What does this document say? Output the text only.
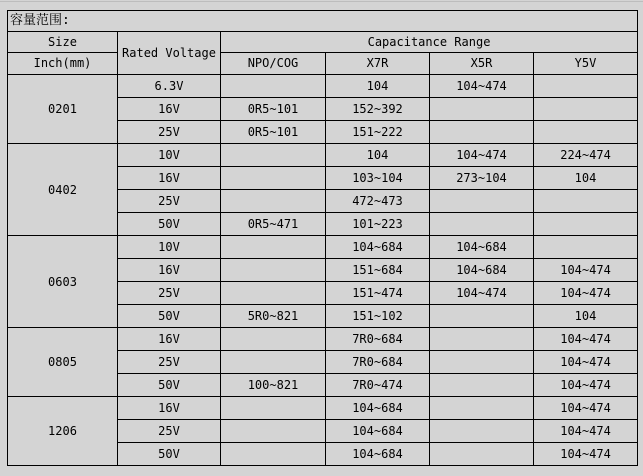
容量范围:					
Size	Rated Voltage	Capacitance Range			
Inch(mm)		NPO/COG	X7R	X5R	Y5V
0201	6.3V		104	104~474	
	16V	0R5~101	152~392		
	25V	0R5~101	151~222		
0402	10V		104	104~474	224~474
	16V		103~104	273~104	104
	25V		472~473		
	50V	0R5~471	101~223		
0603	10V		104~684	104~684	
	16V		151~684	104~684	104~474
	25V		151~474	104~474	104~474
	50V	5R0~821	151~102		104
0805	16V		7R0~684		104~474
	25V		7R0~684		104~474
	50V	100~821	7R0~474		104~474
1206	16V		104~684		104~474
	25V		104~684		104~474
	50V		104~684		104~474
